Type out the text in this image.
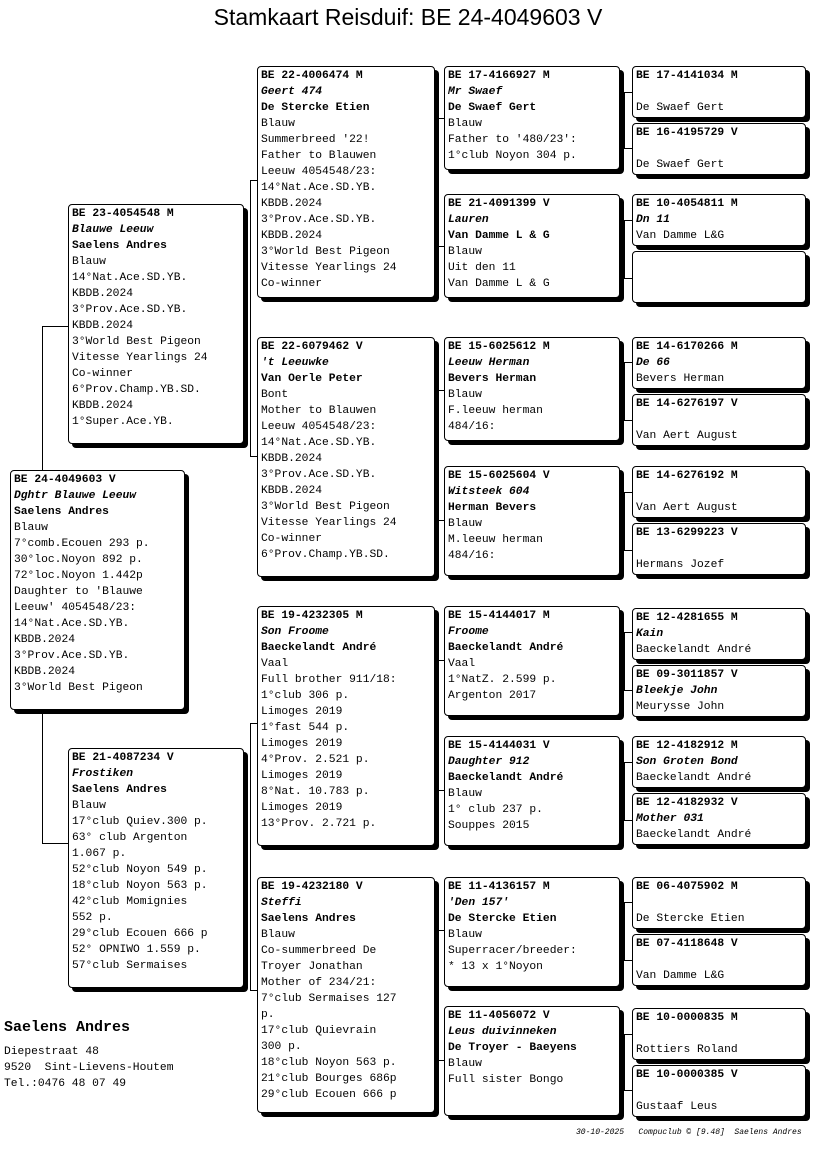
Stamkaart Reisduif: BE 24-4049603 V
BE 24-4049603 V
Dghtr Blauwe Leeuw
Saelens Andres
Blauw
7°comb.Ecouen 293 p.
30°loc.Noyon 892 p.
72°loc.Noyon 1.442p
Daughter to 'Blauwe
Leeuw' 4054548/23:
14°Nat.Ace.SD.YB.
KBDB.2024
3°Prov.Ace.SD.YB.
KBDB.2024
3°World Best Pigeon
BE 23-4054548 M
Blauwe Leeuw
Saelens Andres
Blauw
14°Nat.Ace.SD.YB.
KBDB.2024
3°Prov.Ace.SD.YB.
KBDB.2024
3°World Best Pigeon
Vitesse Yearlings 24
Co-winner
6°Prov.Champ.YB.SD.
KBDB.2024
1°Super.Ace.YB.
BE 21-4087234 V
Frostiken
Saelens Andres
Blauw
17°club Quiev.300 p.
63° club Argenton
1.067 p.
52°club Noyon 549 p.
18°club Noyon 563 p.
42°club Momignies
552 p.
29°club Ecouen 666 p
52° OPNIWO 1.559 p.
57°club Sermaises
BE 22-4006474 M
Geert 474
De Stercke Etien
Blauw
Summerbreed '22!
Father to Blauwen
Leeuw 4054548/23:
14°Nat.Ace.SD.YB.
KBDB.2024
3°Prov.Ace.SD.YB.
KBDB.2024
3°World Best Pigeon
Vitesse Yearlings 24
Co-winner
BE 22-6079462 V
't Leeuwke
Van Oerle Peter
Bont
Mother to Blauwen
Leeuw 4054548/23:
14°Nat.Ace.SD.YB.
KBDB.2024
3°Prov.Ace.SD.YB.
KBDB.2024
3°World Best Pigeon
Vitesse Yearlings 24
Co-winner
6°Prov.Champ.YB.SD.
BE 19-4232305 M
Son Froome
Baeckelandt André
Vaal
Full brother 911/18:
1°club 306 p.
Limoges 2019
1°fast 544 p.
Limoges 2019
4°Prov. 2.521 p.
Limoges 2019
8°Nat. 10.783 p.
Limoges 2019
13°Prov. 2.721 p.
BE 19-4232180 V
Steffi
Saelens Andres
Blauw
Co-summerbreed De
Troyer Jonathan
Mother of 234/21:
7°club Sermaises 127
p.
17°club Quievrain
300 p.
18°club Noyon 563 p.
21°club Bourges 686p
29°club Ecouen 666 p
BE 17-4166927 M
Mr Swaef
De Swaef Gert
Blauw
Father to '480/23':
1°club Noyon 304 p.
BE 21-4091399 V
Lauren
Van Damme L & G
Blauw
Uit den 11
Van Damme L & G
BE 15-6025612 M
Leeuw Herman
Bevers Herman
Blauw
F.leeuw herman
484/16:
BE 15-6025604 V
Witsteek 604
Herman Bevers
Blauw
M.leeuw herman
484/16:
BE 15-4144017 M
Froome
Baeckelandt André
Vaal
1°NatZ. 2.599 p.
Argenton 2017
BE 15-4144031 V
Daughter 912
Baeckelandt André
Blauw
1° club 237 p.
Souppes 2015
BE 11-4136157 M
'Den 157'
De Stercke Etien
Blauw
Superracer/breeder:
* 13 x 1°Noyon
BE 11-4056072 V
Leus duivinneken
De Troyer - Baeyens
Blauw
Full sister Bongo
BE 17-4141034 M

De Swaef Gert
BE 16-4195729 V

De Swaef Gert
BE 10-4054811 M
Dn 11
Van Damme L&G
BE 14-6170266 M
De 66
Bevers Herman
BE 14-6276197 V

Van Aert August
BE 14-6276192 M

Van Aert August
BE 13-6299223 V

Hermans Jozef
BE 12-4281655 M
Kain
Baeckelandt André
BE 09-3011857 V
Bleekje John
Meurysse John
BE 12-4182912 M
Son Groten Bond
Baeckelandt André
BE 12-4182932 V
Mother 031
Baeckelandt André
BE 06-4075902 M

De Stercke Etien
BE 07-4118648 V

Van Damme L&G
BE 10-0000835 M

Rottiers Roland
BE 10-0000385 V

Gustaaf Leus
Saelens Andres
Diepestraat 48
9520  Sint-Lievens-Houtem
Tel.:0476 48 07 49
30-10-2025   Compuclub © [9.48]  Saelens Andres
